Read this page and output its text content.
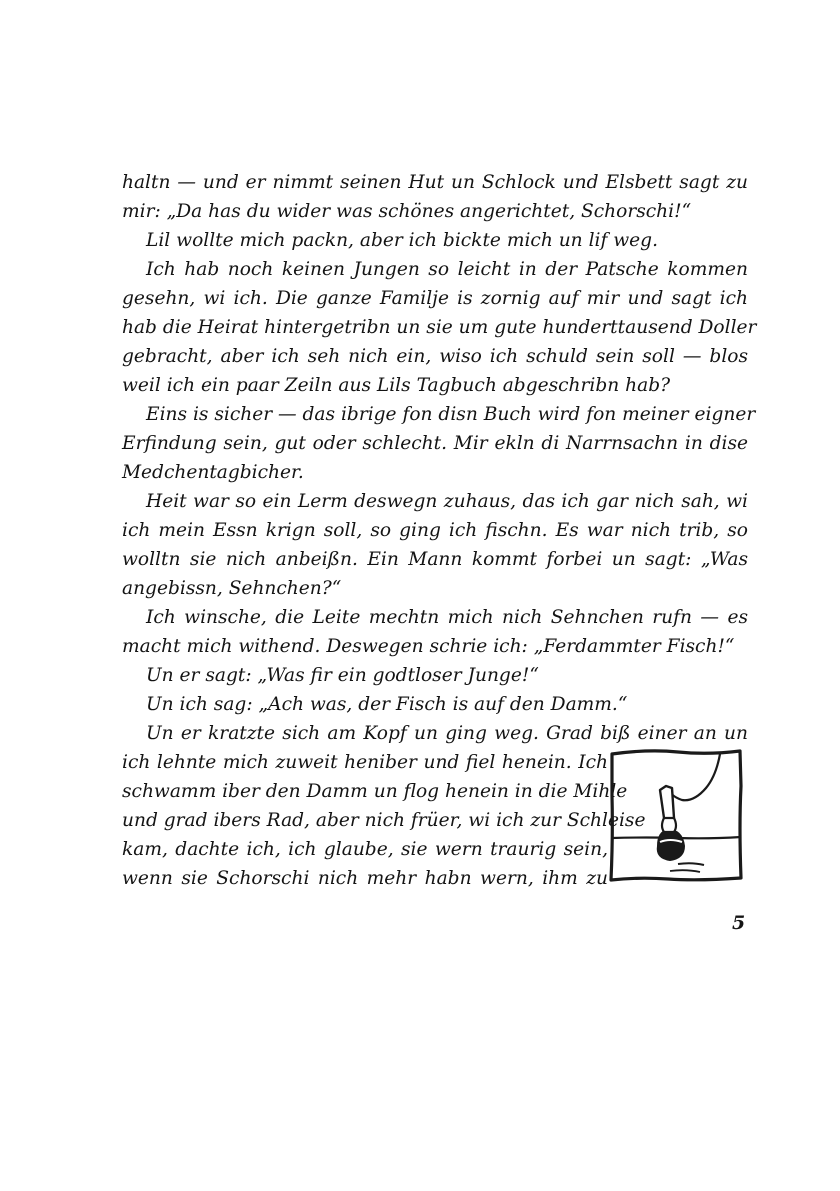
haltn — und er nimmt seinen Hut un Schlock und Elsbett sagt zu
mir: „Da has du wider was schönes angerichtet, Schorschi!“
Lil wollte mich packn, aber ich bickte mich un lif weg.
Ich hab noch keinen Jungen so leicht in der Patsche kommen
gesehn, wi ich. Die ganze Familje is zornig auf mir und sagt ich
hab die Heirat hintergetribn un sie um gute hunderttausend Doller
gebracht, aber ich seh nich ein, wiso ich schuld sein soll — blos
weil ich ein paar Zeiln aus Lils Tagbuch abgeschribn hab?
Eins is sicher — das ibrige fon disn Buch wird fon meiner eigner
Erfindung sein, gut oder schlecht. Mir ekln di Narrnsachn in dise
Medchentagbicher.
Heit war so ein Lerm deswegn zuhaus, das ich gar nich sah, wi
ich mein Essn krign soll, so ging ich fischn. Es war nich trib, so
wolltn sie nich anbeißn. Ein Mann kommt forbei un sagt: „Was
angebissn, Sehnchen?“
Ich winsche, die Leite mechtn mich nich Sehnchen rufn — es
macht mich withend. Deswegen schrie ich: „Ferdammter Fisch!“
Un er sagt: „Was fir ein godtloser Junge!“
Un ich sag: „Ach was, der Fisch is auf den Damm.“
Un er kratzte sich am Kopf un ging weg. Grad biß einer an un
ich lehnte mich zuweit heniber und fiel henein. Ich
schwamm iber den Damm un flog henein in die Mihle
und grad ibers Rad, aber nich früer, wi ich zur Schleise
kam, dachte ich, ich glaube, sie wern traurig sein,
wenn sie Schorschi nich mehr habn wern, ihm zu
5
